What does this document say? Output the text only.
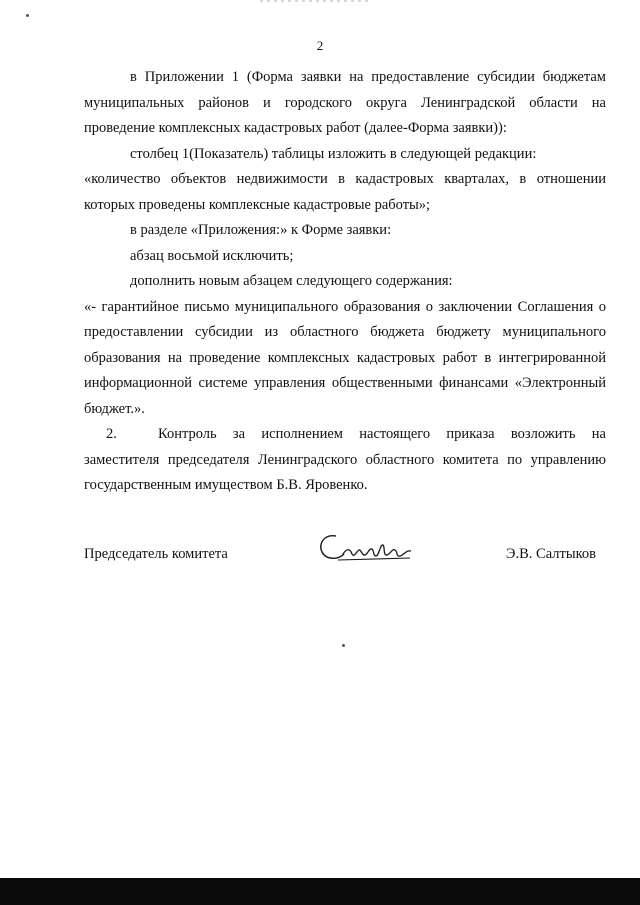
2

в Приложении 1 (Форма заявки на предоставление субсидии бюджетам муниципальных районов и городского округа Ленинградской области на проведение комплексных кадастровых работ (далее-Форма заявки)):

столбец 1(Показатель) таблицы изложить в следующей редакции:

«количество объектов недвижимости в кадастровых кварталах, в отношении которых проведены комплексные кадастровые работы»;

в разделе «Приложения:» к Форме заявки:

абзац восьмой исключить;

дополнить новым абзацем следующего содержания:

«- гарантийное письмо муниципального образования о заключении Соглашения о предоставлении субсидии из областного бюджета бюджету муниципального образования на проведение комплексных кадастровых работ в интегрированной информационной системе управления общественными финансами «Электронный бюджет.».

2.	Контроль за исполнением настоящего приказа возложить на заместителя председателя Ленинградского областного комитета по управлению государственным имуществом Б.В. Яровенко.

Председатель комитета	Э.В. Салтыков
